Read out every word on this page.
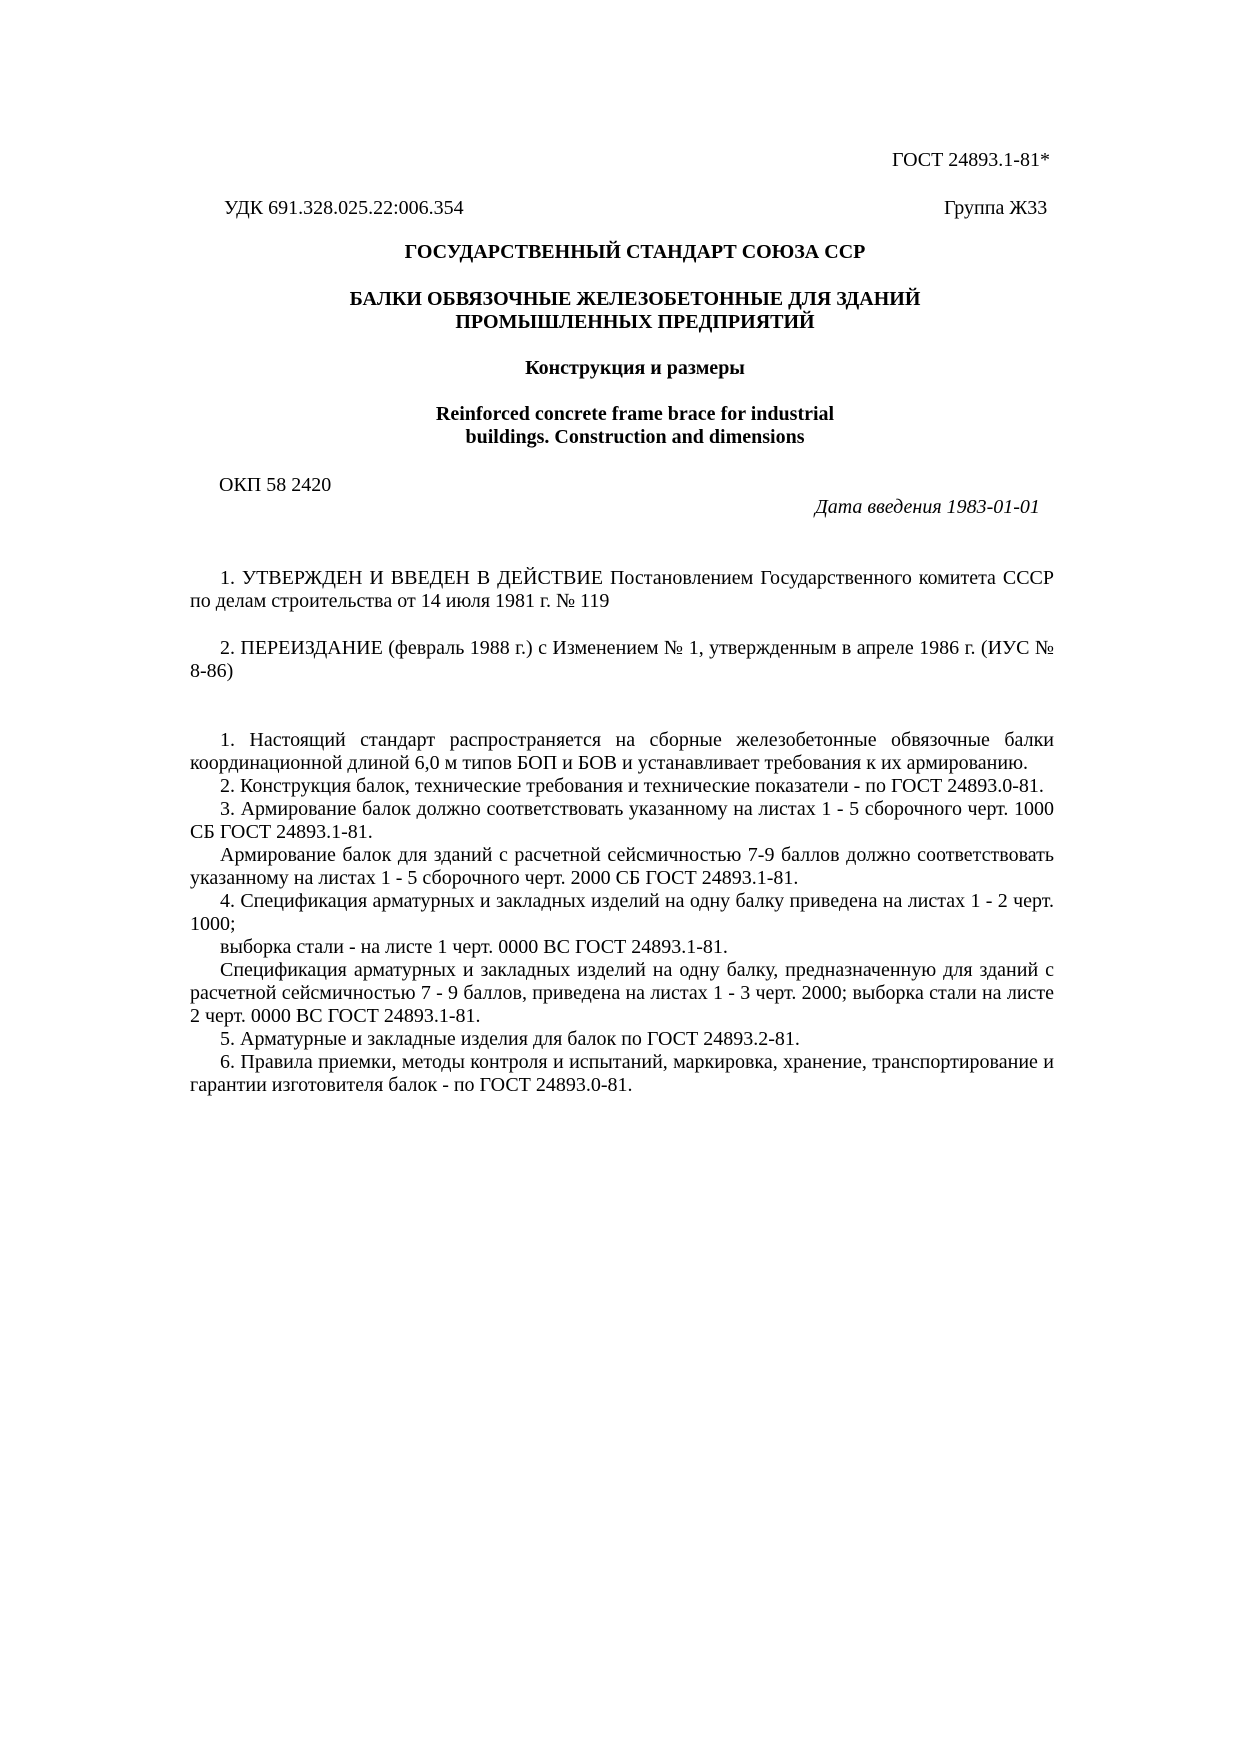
ГОСТ 24893.1-81*
УДК 691.328.025.22:006.354	Группа Ж33
ГОСУДАРСТВЕННЫЙ СТАНДАРТ СОЮЗА ССР
БАЛКИ ОБВЯЗОЧНЫЕ ЖЕЛЕЗОБЕТОННЫЕ ДЛЯ ЗДАНИЙ
ПРОМЫШЛЕННЫХ ПРЕДПРИЯТИЙ
Конструкция и размеры
Reinforced concrete frame brace for industrial
buildings. Construction and dimensions
ОКП 58 2420
Дата введения 1983-01-01

1. УТВЕРЖДЕН И ВВЕДЕН В ДЕЙСТВИЕ Постановлением Государственного комитета СССР по делам строительства от 14 июля 1981 г. № 119

2. ПЕРЕИЗДАНИЕ (февраль 1988 г.) с Изменением № 1, утвержденным в апреле 1986 г. (ИУС № 8-86)

1. Настоящий стандарт распространяется на сборные железобетонные обвязочные балки координационной длиной 6,0 м типов БОП и БОВ и устанавливает требования к их армированию.

2. Конструкция балок, технические требования и технические показатели - по ГОСТ 24893.0-81.

3. Армирование балок должно соответствовать указанному на листах 1 - 5 сборочного черт. 1000 СБ ГОСТ 24893.1-81.

Армирование балок для зданий с расчетной сейсмичностью 7-9 баллов должно соответствовать указанному на листах 1 - 5 сборочного черт. 2000 СБ ГОСТ 24893.1-81.

4. Спецификация арматурных и закладных изделий на одну балку приведена на листах 1 - 2 черт. 1000;

выборка стали - на листе 1 черт. 0000 ВС ГОСТ 24893.1-81.

Спецификация арматурных и закладных изделий на одну балку, предназначенную для зданий с расчетной сейсмичностью 7 - 9 баллов, приведена на листах 1 - 3 черт. 2000; выборка стали на листе 2 черт. 0000 ВС ГОСТ 24893.1-81.

5. Арматурные и закладные изделия для балок по ГОСТ 24893.2-81.

6. Правила приемки, методы контроля и испытаний, маркировка, хранение, транспортирование и гарантии изготовителя балок - по ГОСТ 24893.0-81.
